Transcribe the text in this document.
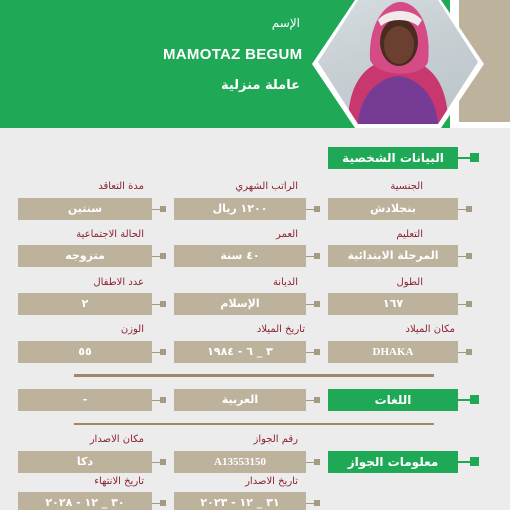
الإسم
MAMOTAZ BEGUM
عاملة منزلية
البيانات الشخصية
الجنسية
بنجلادش
الراتب الشهري
١٢٠٠ ريال
مدة التعاقد
سنتين
التعليم
المرحلة الابتدائية
العمر
٤٠ سنة
الحالة الاجتماعية
متزوجه
الطول
١٦٧
الديانة
الإسلام
عدد الاطفال
٢
مكان الميلاد
DHAKA
تاريخ الميلاد
٣ _ ٦ - ١٩٨٤
الوزن
٥٥
اللغات
العربية
-
معلومات الجواز
رقم الجواز
A13553150
مكان الاصدار
دكا
تاريخ الاصدار
٣١ _ ١٢ - ٢٠٢٣
تاريخ الانتهاء
٣٠ _ ١٢ - ٢٠٢٨
